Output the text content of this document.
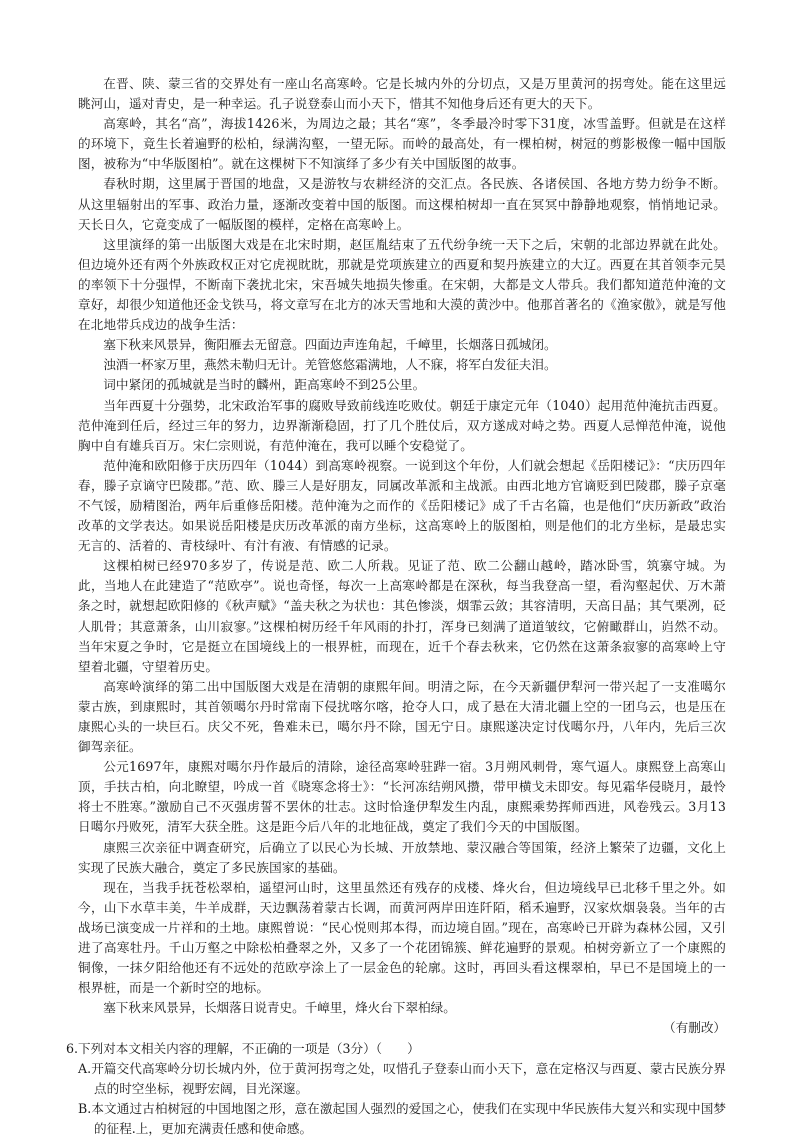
在晋、陕、蒙三省的交界处有一座山名高寒岭。它是长城内外的分切点，又是万里黄河的拐弯处。能在这里远眺河山，遥对青史，是一种幸运。孔子说登泰山而小天下，惜其不知他身后还有更大的天下。

高寒岭，其名“高”，海拔1426米，为周边之最；其名“寒”，冬季最冷时零下31度，冰雪盖野。但就是在这样的环境下，竟生长着遍野的松柏，绿满沟壑，一望无际。而岭的最高处，有一棵柏树，树冠的剪影极像一幅中国版图，被称为“中华版图柏”。就在这棵树下不知演绎了多少有关中国版图的故事。

春秋时期，这里属于晋国的地盘，又是游牧与农耕经济的交汇点。各民族、各诸侯国、各地方势力纷争不断。从这里辐射出的军事、政治力量，逐渐改变着中国的版图。而这棵柏树却一直在冥冥中静静地观察，悄悄地记录。天长日久，它竟变成了一幅版图的模样，定格在高寒岭上。

这里演绎的第一出版图大戏是在北宋时期，赵匡胤结束了五代纷争统一天下之后，宋朝的北部边界就在此处。但边境外还有两个外族政权正对它虎视眈眈，那就是党项族建立的西夏和契丹族建立的大辽。西夏在其首领李元昊的率领下十分强悍，不断南下袭扰北宋，宋吾城失地损失惨重。在宋朝，大都是文人带兵。我们都知道范仲淹的文章好，却很少知道他还金戈铁马，将文章写在北方的冰天雪地和大漠的黄沙中。他那首著名的《渔家傲》，就是写他在北地带兵戍边的战争生活：

塞下秋来风景异，衡阳雁去无留意。四面边声连角起，千嶂里，长烟落日孤城闭。

浊酒一杯家万里，燕然未勒归无计。羌管悠悠霜满地，人不寐，将军白发征夫泪。

词中紧闭的孤城就是当时的麟州，距高寒岭不到25公里。

当年西夏十分强势，北宋政治军事的腐败导致前线连吃败仗。朝廷于康定元年（1040）起用范仲淹抗击西夏。范仲淹到任后，经过三年的努力，边界渐渐稳固，打了几个胜仗后，双方遂成对峙之势。西夏人忌惮范仲淹，说他胸中自有雄兵百万。宋仁宗则说，有范仲淹在，我可以睡个安稳觉了。

范仲淹和欧阳修于庆历四年（1044）到高寒岭视察。一说到这个年份，人们就会想起《岳阳楼记》：“庆历四年春，滕子京谪守巴陵郡。”范、欧、滕三人是好朋友，同属改革派和主战派。由西北地方官谪贬到巴陵郡，滕子京毫不气馁，励精图治，两年后重修岳阳楼。范仲淹为之而作的《岳阳楼记》成了千古名篇，也是他们“庆历新政”政治改革的文学表达。如果说岳阳楼是庆历改革派的南方坐标，这高寒岭上的版图柏，则是他们的北方坐标，是最忠实无言的、活着的、青枝绿叶、有汁有液、有情感的记录。

这棵柏树已经970多岁了，传说是范、欧二人所栽。见证了范、欧二公翻山越岭，踏冰卧雪，筑寨守城。为此，当地人在此建造了“范欧亭”。说也奇怪，每次一上高寒岭都是在深秋，每当我登高一望，看沟壑起伏、万木萧条之时，就想起欧阳修的《秋声赋》“盖夫秋之为状也：其色惨淡，烟霏云敛；其容清明，天高日晶；其气栗冽，砭人肌骨；其意萧条，山川寂寥。”这棵柏树历经千年风雨的扑打，浑身已刻满了道道皱纹，它俯瞰群山，岿然不动。当年宋夏之争时，它是挺立在国境线上的一根界桩，而现在，近千个春去秋来，它仍然在这萧条寂寥的高寒岭上守望着北疆，守望着历史。

高寒岭演绎的第二出中国版图大戏是在清朝的康熙年间。明清之际，在今天新疆伊犁河一带兴起了一支准噶尔蒙古族，到康熙时，其首领噶尔丹时常南下侵扰喀尔喀，抢夺人口，成了悬在大清北疆上空的一团乌云，也是压在康熙心头的一块巨石。庆父不死，鲁难未已，噶尔丹不除，国无宁日。康熙遂决定讨伐噶尔丹，八年内，先后三次御驾亲征。

公元1697年，康熙对噶尔丹作最后的清除，途径高寒岭驻跸一宿。3月朔风刺骨，寒气逼人。康熙登上高寒山顶，手扶古柏，向北瞭望，吟成一首《晓寒念将士》：“长河冻结朔风攒，带甲横戈未即安。每见霜华侵晓月，最怜将士不胜寒。”激励自己不灭强虏誓不罢休的壮志。这时恰逢伊犁发生内乱，康熙乘势挥师西进，风卷残云。3月13日噶尔丹败死，清军大获全胜。这是距今后八年的北地征战，奠定了我们今天的中国版图。

康熙三次亲征中调查研究，后确立了以民心为长城、开放禁地、蒙汉融合等国策，经济上繁荣了边疆，文化上实现了民族大融合，奠定了多民族国家的基础。

现在，当我手抚苍松翠柏，遥望河山时，这里虽然还有残存的戍楼、烽火台，但边境线早已北移千里之外。如今，山下水草丰美，牛羊成群，天边飘荡着蒙古长调，而黄河两岸田连阡陌，稻禾遍野，汉家炊烟袅袅。当年的古战场已演变成一片祥和的土地。康熙曾说：“民心悦则邦本得，而边境自固。”现在，高寒岭已开辟为森林公园，又引进了高寒牡丹。千山万壑之中除松柏叠翠之外，又多了一个花团锦簇、鲜花遍野的景观。柏树旁新立了一个康熙的铜像，一抹夕阳给他还有不远处的范欧亭涂上了一层金色的轮廓。这时，再回头看这棵翠柏，早已不是国境上的一根界桩，而是一个新时空的地标。

塞下秋来风景异，长烟落日说青史。千嶂里，烽火台下翠柏绿。

（有删改）

6.下列对本文相关内容的理解，不正确的一项是（3分）（　　）

A.开篇交代高寒岭分切长城内外，位于黄河拐弯之处，叹惜孔子登泰山而小天下，意在定格汉与西夏、蒙古民族分界点的时空坐标，视野宏阔，目光深邃。

B.本文通过古柏树冠的中国地图之形，意在激起国人强烈的爱国之心，使我们在实现中华民族伟大复兴和实现中国梦的征程.上，更加充满责任感和使命感。
